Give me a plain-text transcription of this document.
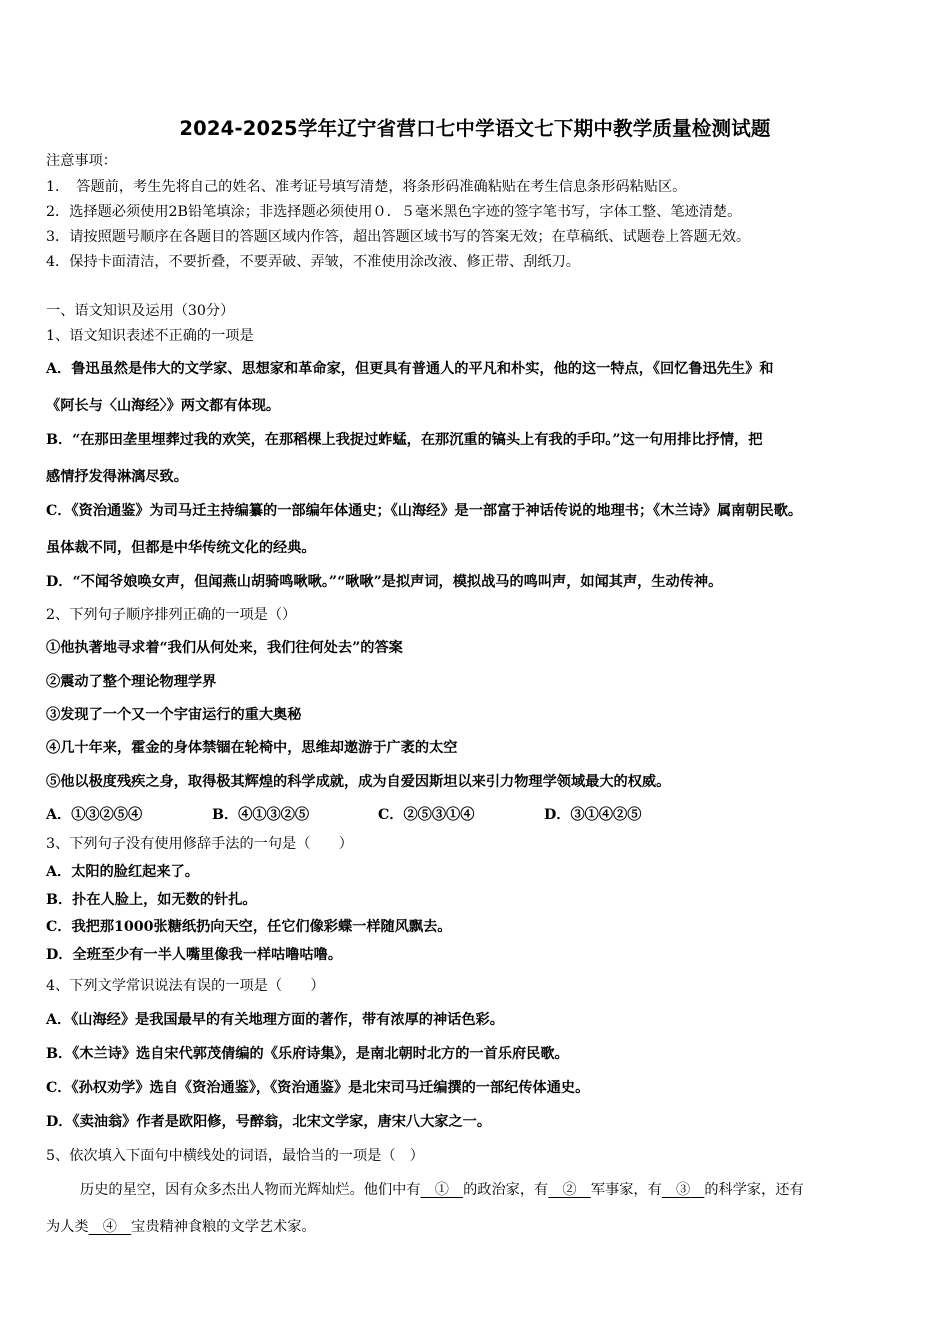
2024-2025学年辽宁省营口七中学语文七下期中教学质量检测试题
注意事项：
1．　答题前，考生先将自己的姓名、准考证号填写清楚，将条形码准确粘贴在考生信息条形码粘贴区。
2．选择题必须使用2B铅笔填涂；非选择题必须使用０．５毫米黑色字迹的签字笔书写，字体工整、笔迹清楚。
3．请按照题号顺序在各题目的答题区域内作答，超出答题区域书写的答案无效；在草稿纸、试题卷上答题无效。
4．保持卡面清洁，不要折叠，不要弄破、弄皱，不准使用涂改液、修正带、刮纸刀。
一、语文知识及运用（30分）
1、语文知识表述不正确的一项是
A．鲁迅虽然是伟大的文学家、思想家和革命家，但更具有普通人的平凡和朴实，他的这一特点，《回忆鲁迅先生》和
《阿长与〈山海经〉》两文都有体现。
B．“在那田垄里埋葬过我的欢笑，在那稻棵上我捉过蚱蜢，在那沉重的镐头上有我的手印。”这一句用排比抒情，把
感情抒发得淋漓尽致。
C．《资治通鉴》为司马迁主持编纂的一部编年体通史；《山海经》是一部富于神话传说的地理书；《木兰诗》属南朝民歌。
虽体裁不同，但都是中华传统文化的经典。
D．“不闻爷娘唤女声，但闻燕山胡骑鸣啾啾。”“啾啾”是拟声词，模拟战马的鸣叫声，如闻其声，生动传神。
2、下列句子顺序排列正确的一项是（）
①他执著地寻求着“我们从何处来，我们往何处去”的答案
②震动了整个理论物理学界
③发现了一个又一个宇宙运行的重大奥秘
④几十年来，霍金的身体禁锢在轮椅中，思维却遨游于广袤的太空
⑤他以极度残疾之身，取得极其辉煌的科学成就，成为自爱因斯坦以来引力物理学领域最大的权威。
A．①③②⑤④	B．④①③②⑤	C．②⑤③①④	D．③①④②⑤
3、下列句子没有使用修辞手法的一句是（　　）
A．太阳的脸红起来了。
B．扑在人脸上，如无数的针扎。
C．我把那1000张糖纸扔向天空，任它们像彩蝶一样随风飘去。
D．全班至少有一半人嘴里像我一样咕噜咕噜。
4、下列文学常识说法有误的一项是（　　）
A．《山海经》是我国最早的有关地理方面的著作，带有浓厚的神话色彩。
B．《木兰诗》选自宋代郭茂倩编的《乐府诗集》，是南北朝时北方的一首乐府民歌。
C．《孙权劝学》选自《资治通鉴》，《资治通鉴》是北宋司马迁编撰的一部纪传体通史。
D．《卖油翁》作者是欧阳修，号醉翁，北宋文学家，唐宋八大家之一。
5、依次填入下面句中横线处的词语，最恰当的一项是（　）
历史的星空，因有众多杰出人物而光辉灿烂。他们中有　①　的政治家，有　②　军事家，有　③　的科学家，还有
为人类　④　宝贵精神食粮的文学艺术家。
